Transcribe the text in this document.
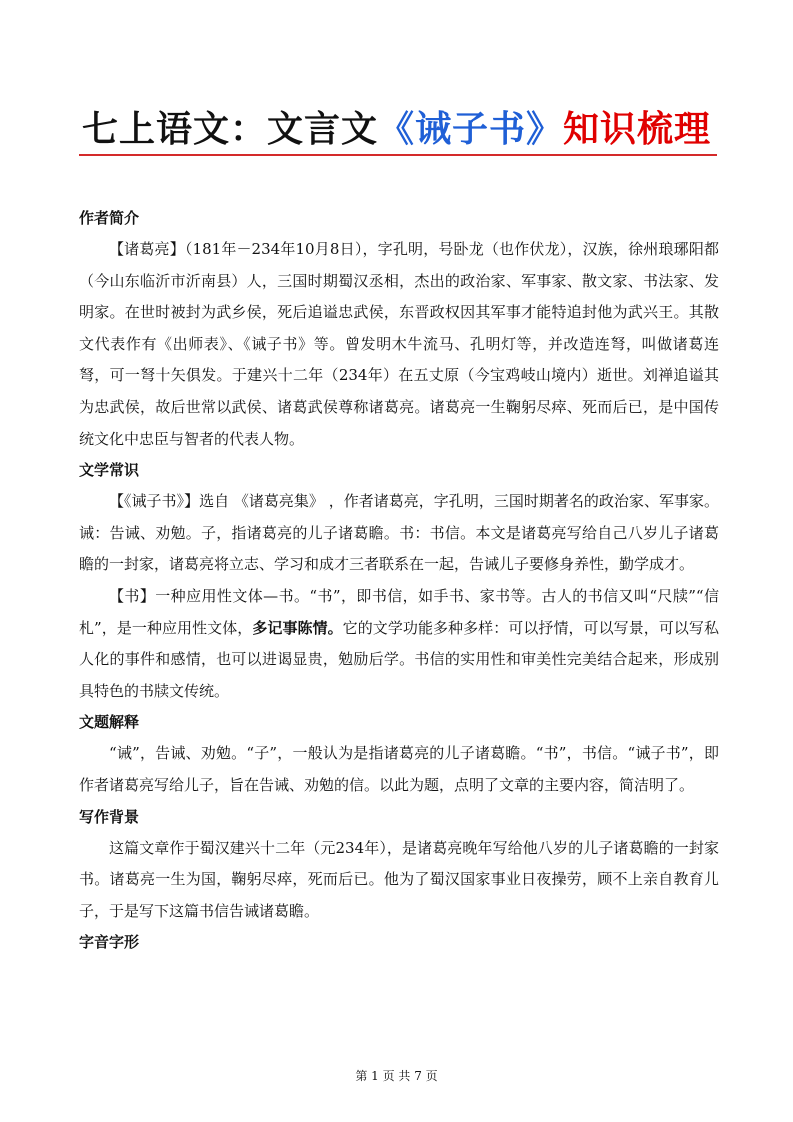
七上语文：文言文《诫子书》知识梳理
作者简介

【诸葛亮】（181年－234年10月8日），字孔明，号卧龙（也作伏龙），汉族，徐州琅琊阳都（今山东临沂市沂南县）人，三国时期蜀汉丞相，杰出的政治家、军事家、散文家、书法家、发明家。在世时被封为武乡侯，死后追谥忠武侯，东晋政权因其军事才能特追封他为武兴王。其散文代表作有《出师表》、《诫子书》等。曾发明木牛流马、孔明灯等，并改造连弩，叫做诸葛连弩，可一弩十矢俱发。于建兴十二年（234年）在五丈原（今宝鸡岐山境内）逝世。刘禅追谥其为忠武侯，故后世常以武侯、诸葛武侯尊称诸葛亮。诸葛亮一生鞠躬尽瘁、死而后已，是中国传统文化中忠臣与智者的代表人物。

文学常识

【《诫子书》】选自 《诸葛亮集》 ，作者诸葛亮，字孔明，三国时期著名的政治家、军事家。诫：告诫、劝勉。子，指诸葛亮的儿子诸葛瞻。书：书信。本文是诸葛亮写给自己八岁儿子诸葛瞻的一封家，诸葛亮将立志、学习和成才三者联系在一起，告诫儿子要修身养性，勤学成才。

【书】一种应用性文体—书。“书”，即书信，如手书、家书等。古人的书信又叫“尺牍”“信札”，是一种应用性文体，多记事陈情。它的文学功能多种多样：可以抒情，可以写景，可以写私人化的事件和感情，也可以进谒显贵，勉励后学。书信的实用性和审美性完美结合起来，形成别具特色的书牍文传统。

文题解释

“诫”，告诫、劝勉。“子”，一般认为是指诸葛亮的儿子诸葛瞻。“书”，书信。“诫子书”，即作者诸葛亮写给儿子，旨在告诫、劝勉的信。以此为题，点明了文章的主要内容，简洁明了。

写作背景

这篇文章作于蜀汉建兴十二年（元234年），是诸葛亮晚年写给他八岁的儿子诸葛瞻的一封家书。诸葛亮一生为国，鞠躬尽瘁，死而后已。他为了蜀汉国家事业日夜操劳，顾不上亲自教育儿子，于是写下这篇书信告诫诸葛瞻。

字音字形
第 1 页 共 7 页
